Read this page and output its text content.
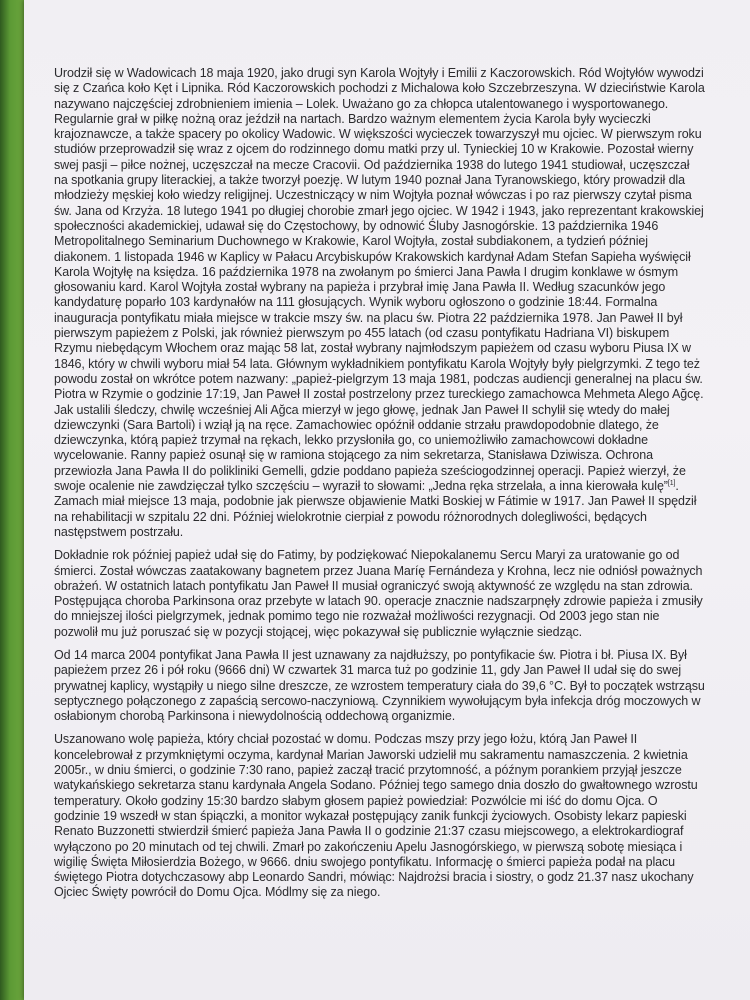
Urodził się w Wadowicach 18 maja 1920, jako drugi syn Karola Wojtyły i Emilii z Kaczorowskich. Ród Wojtyłów wywodzi się z Czańca koło Kęt i Lipnika. Ród Kaczorowskich pochodzi z Michalowa koło Szczebrzeszyna. W dzieciństwie Karola nazywano najczęściej zdrobnieniem imienia – Lolek. Uważano go za chłopca utalentowanego i wysportowanego. Regularnie grał w piłkę nożną oraz jeździł na nartach. Bardzo ważnym elementem życia Karola były wycieczki krajoznawcze, a także spacery po okolicy Wadowic. W większości wycieczek towarzyszył mu ojciec. W pierwszym roku studiów przeprowadził się wraz z ojcem do rodzinnego domu matki przy ul. Tynieckiej 10 w Krakowie. Pozostał wierny swej pasji – piłce nożnej, uczęszczał na mecze Cracovii. Od października 1938 do lutego 1941 studiował, uczęszczał na spotkania grupy literackiej, a także tworzył poezję. W lutym 1940 poznał Jana Tyranowskiego, który prowadził dla młodzieży męskiej koło wiedzy religijnej. Uczestniczący w nim Wojtyła poznał wówczas i po raz pierwszy czytał pisma św. Jana od Krzyża. 18 lutego 1941 po długiej chorobie zmarł jego ojciec. W 1942 i 1943, jako reprezentant krakowskiej społeczności akademickiej, udawał się do Częstochowy, by odnowić Śluby Jasnogórskie. 13 października 1946 Metropolitalnego Seminarium Duchownego w Krakowie, Karol Wojtyła, został subdiakonem, a tydzień później diakonem. 1 listopada 1946 w Kaplicy w Pałacu Arcybiskupów Krakowskich kardynał Adam Stefan Sapieha wyświęcił Karola Wojtyłę na księdza. 16 października 1978 na zwołanym po śmierci Jana Pawła I drugim konklawe w ósmym głosowaniu kard. Karol Wojtyła został wybrany na papieża i przybrał imię Jana Pawła II. Według szacunków jego kandydaturę poparło 103 kardynałów na 111 głosujących. Wynik wyboru ogłoszono o godzinie 18:44. Formalna inauguracja pontyfikatu miała miejsce w trakcie mszy św. na placu św. Piotra 22 października 1978. Jan Paweł II był pierwszym papieżem z Polski, jak również pierwszym po 455 latach (od czasu pontyfikatu Hadriana VI) biskupem Rzymu niebędącym Włochem oraz mając 58 lat, został wybrany najmłodszym papieżem od czasu wyboru Piusa IX w 1846, który w chwili wyboru miał 54 lata. Głównym wykładnikiem pontyfikatu Karola Wojtyły były pielgrzymki. Z tego też powodu został on wkrótce potem nazwany: „papież-pielgrzym 13 maja 1981, podczas audiencji generalnej na placu św. Piotra w Rzymie o godzinie 17:19, Jan Paweł II został postrzelony przez tureckiego zamachowca Mehmeta Alego Ağcę. Jak ustalili śledczy, chwilę wcześniej Ali Ağca mierzył w jego głowę, jednak Jan Paweł II schylił się wtedy do małej dziewczynki (Sara Bartoli) i wziął ją na ręce. Zamachowiec opóźnił oddanie strzału prawdopodobnie dlatego, że dziewczynka, którą papież trzymał na rękach, lekko przysłoniła go, co uniemożliwiło zamachowcowi dokładne wycelowanie. Ranny papież osunął się w ramiona stojącego za nim sekretarza, Stanisława Dziwisza. Ochrona przewiozła Jana Pawła II do polikliniki Gemelli, gdzie poddano papieża sześciogodzinnej operacji. Papież wierzył, że swoje ocalenie nie zawdzięczał tylko szczęściu – wyraził to słowami: „Jedna ręka strzelała, a inna kierowała kulę”[1]. Zamach miał miejsce 13 maja, podobnie jak pierwsze objawienie Matki Boskiej w Fátimie w 1917. Jan Paweł II spędził na rehabilitacji w szpitalu 22 dni. Później wielokrotnie cierpiał z powodu różnorodnych dolegliwości, będących następstwem postrzału.

Dokładnie rok później papież udał się do Fatimy, by podziękować Niepokalanemu Sercu Maryi za uratowanie go od śmierci. Został wówczas zaatakowany bagnetem przez Juana Maríę Fernándeza y Krohna, lecz nie odniósł poważnych obrażeń. W ostatnich latach pontyfikatu Jan Paweł II musiał ograniczyć swoją aktywność ze względu na stan zdrowia. Postępująca choroba Parkinsona oraz przebyte w latach 90. operacje znacznie nadszarpnęły zdrowie papieża i zmusiły do mniejszej ilości pielgrzymek, jednak pomimo tego nie rozważał możliwości rezygnacji. Od 2003 jego stan nie pozwolił mu już poruszać się w pozycji stojącej, więc pokazywał się publicznie wyłącznie siedząc.

Od 14 marca 2004 pontyfikat Jana Pawła II jest uznawany za najdłuższy, po pontyfikacie św. Piotra i bł. Piusa IX. Był papieżem przez 26 i pół roku (9666 dni) W czwartek 31 marca tuż po godzinie 11, gdy Jan Paweł II udał się do swej prywatnej kaplicy, wystąpiły u niego silne dreszcze, ze wzrostem temperatury ciała do 39,6 °C. Był to początek wstrząsu septycznego połączonego z zapaścią sercowo-naczyniową. Czynnikiem wywołującym była infekcja dróg moczowych w osłabionym chorobą Parkinsona i niewydolnością oddechową organizmie.

Uszanowano wolę papieża, który chciał pozostać w domu. Podczas mszy przy jego łożu, którą Jan Paweł II koncelebrował z przymkniętymi oczyma, kardynał Marian Jaworski udzielił mu sakramentu namaszczenia. 2 kwietnia 2005r., w dniu śmierci, o godzinie 7:30 rano, papież zaczął tracić przytomność, a późnym porankiem przyjął jeszcze watykańskiego sekretarza stanu kardynała Angela Sodano. Później tego samego dnia doszło do gwałtownego wzrostu temperatury. Około godziny 15:30 bardzo słabym głosem papież powiedział: Pozwólcie mi iść do domu Ojca. O godzinie 19 wszedł w stan śpiączki, a monitor wykazał postępujący zanik funkcji życiowych. Osobisty lekarz papieski Renato Buzzonetti stwierdził śmierć papieża Jana Pawła II o godzinie 21:37 czasu miejscowego, a elektrokardiograf wyłączono po 20 minutach od tej chwili. Zmarł po zakończeniu Apelu Jasnogórskiego, w pierwszą sobotę miesiąca i wigilię Święta Miłosierdzia Bożego, w 9666. dniu swojego pontyfikatu. Informację o śmierci papieża podał na placu świętego Piotra dotychczasowy abp Leonardo Sandri, mówiąc: Najdrożsi bracia i siostry, o godz 21.37 nasz ukochany Ojciec Święty powrócił do Domu Ojca. Módlmy się za niego.
